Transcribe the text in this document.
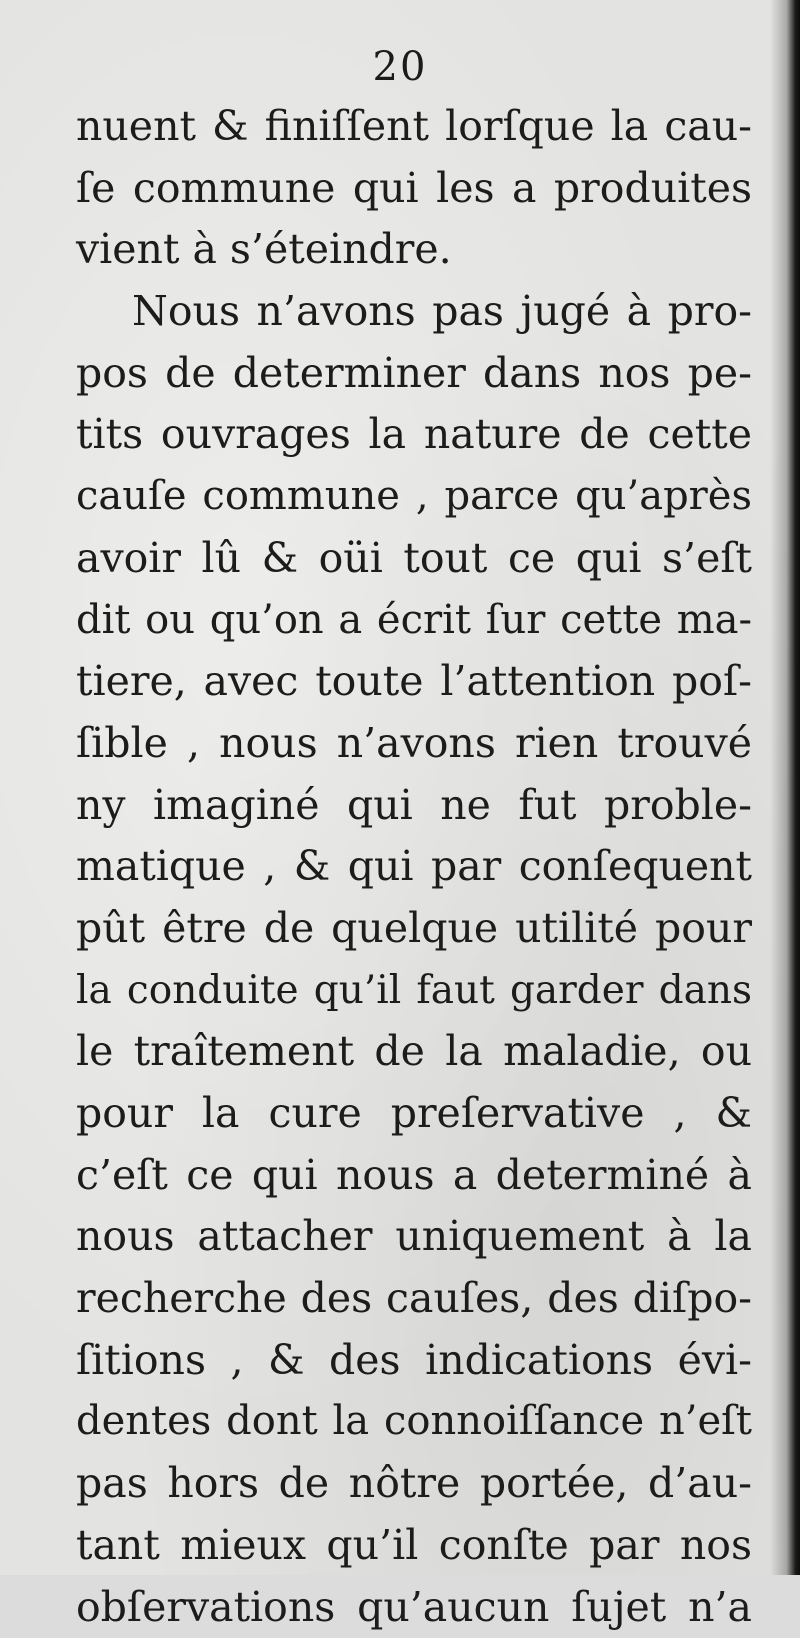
20
nuent & finiſſent lorſque la cau-
ſe commune qui les a produites
vient à s’éteindre.
Nous n’avons pas jugé à pro-
pos de determiner dans nos pe-
tits ouvrages la nature de cette
cauſe commune , parce qu’après
avoir lû & oüi tout ce qui s’eſt
dit ou qu’on a écrit ſur cette ma-
tiere, avec toute l’attention poſ-
ſible , nous n’avons rien trouvé
ny imaginé qui ne fut proble-
matique , & qui par conſequent
pût être de quelque utilité pour
la conduite qu’il faut garder dans
le traîtement de la maladie, ou
pour la cure preſervative , &
c’eſt ce qui nous a determiné à
nous attacher uniquement à la
recherche des cauſes, des diſpo-
ſitions , & des indications évi-
dentes dont la connoiſſance n’eſt
pas hors de nôtre portée, d’au-
tant mieux qu’il conſte par nos
obſervations qu’aucun ſujet n’a
